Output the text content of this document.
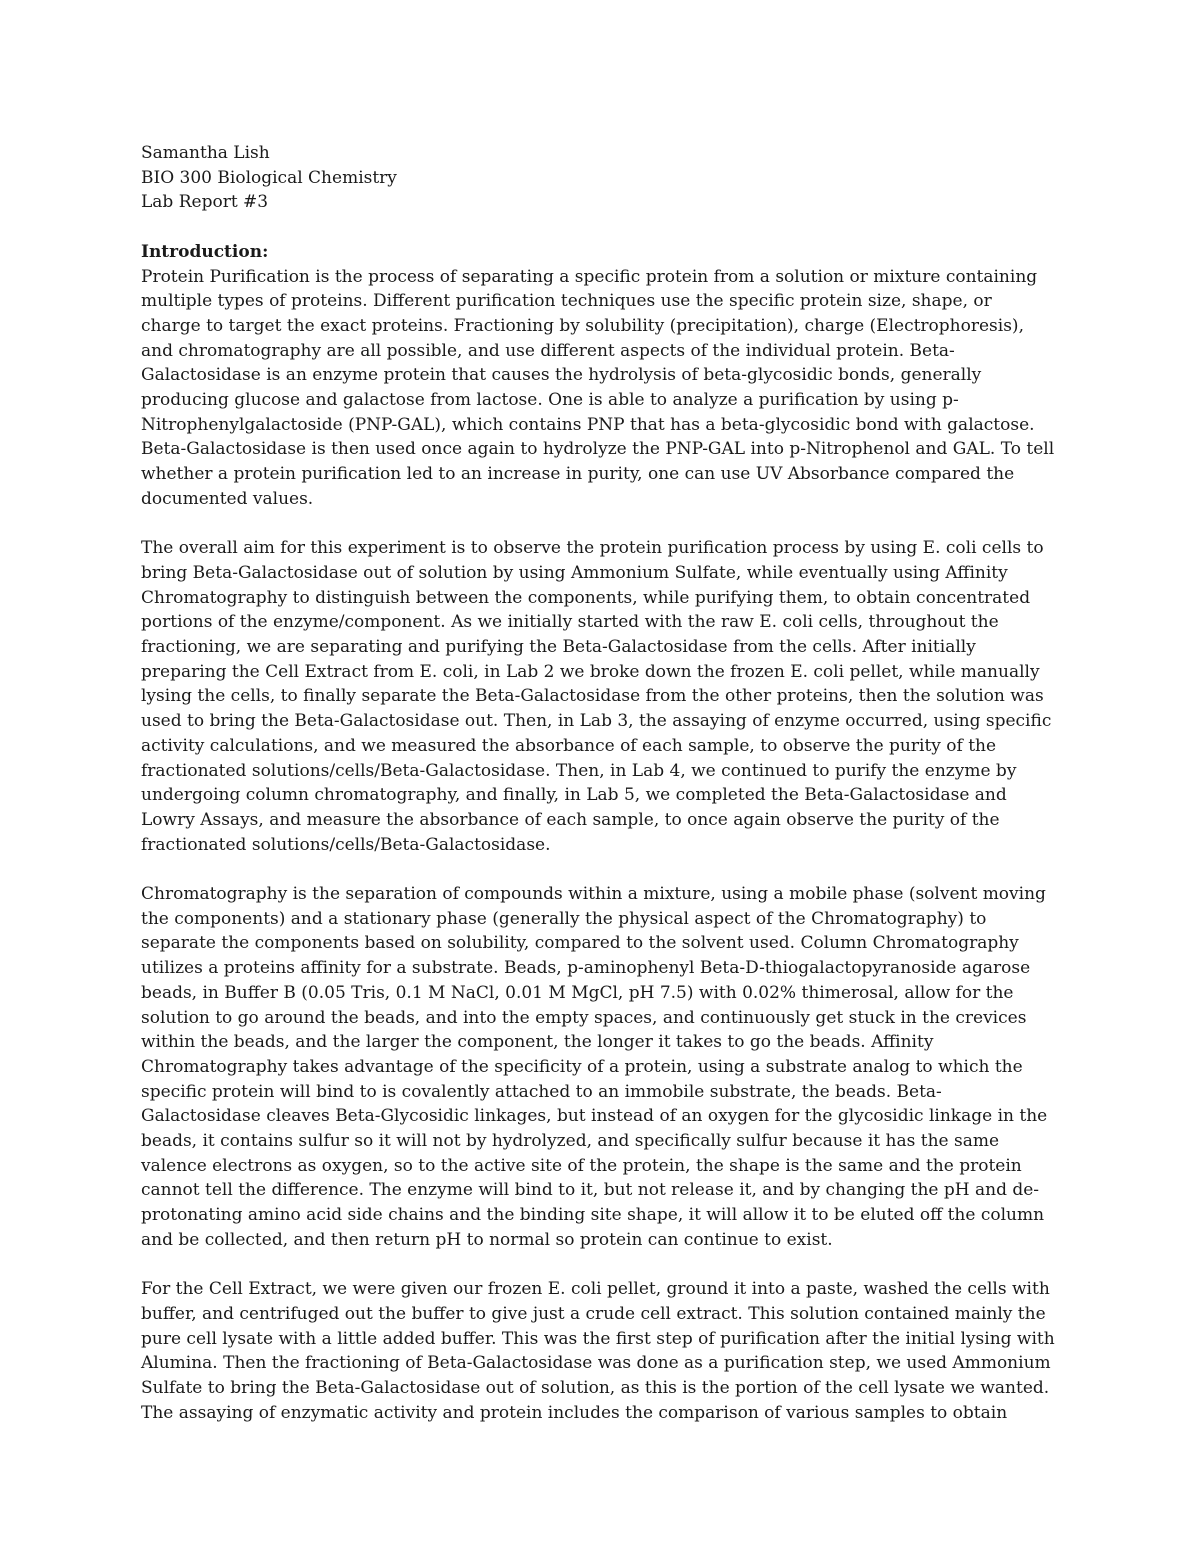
Samantha Lish
BIO 300 Biological Chemistry
Lab Report #3
Introduction:

Protein Purification is the process of separating a specific protein from a solution or mixture containing multiple types of proteins. Different purification techniques use the specific protein size, shape, or charge to target the exact proteins. Fractioning by solubility (precipitation), charge (Electrophoresis), and chromatography are all possible, and use different aspects of the individual protein. Beta-Galactosidase is an enzyme protein that causes the hydrolysis of beta-glycosidic bonds, generally producing glucose and galactose from lactose. One is able to analyze a purification by using p-Nitrophenylgalactoside (PNP-GAL), which contains PNP that has a beta-glycosidic bond with galactose. Beta-Galactosidase is then used once again to hydrolyze the PNP-GAL into p-Nitrophenol and GAL. To tell whether a protein purification led to an increase in purity, one can use UV Absorbance compared the documented values.

The overall aim for this experiment is to observe the protein purification process by using E. coli cells to bring Beta-Galactosidase out of solution by using Ammonium Sulfate, while eventually using Affinity Chromatography to distinguish between the components, while purifying them, to obtain concentrated portions of the enzyme/component. As we initially started with the raw E. coli cells, throughout the fractioning, we are separating and purifying the Beta-Galactosidase from the cells. After initially preparing the Cell Extract from E. coli, in Lab 2 we broke down the frozen E. coli pellet, while manually lysing the cells, to finally separate the Beta-Galactosidase from the other proteins, then the solution was used to bring the Beta-Galactosidase out. Then, in Lab 3, the assaying of enzyme occurred, using specific activity calculations, and we measured the absorbance of each sample, to observe the purity of the fractionated solutions/cells/Beta-Galactosidase. Then, in Lab 4, we continued to purify the enzyme by undergoing column chromatography, and finally, in Lab 5, we completed the Beta-Galactosidase and Lowry Assays, and measure the absorbance of each sample, to once again observe the purity of the fractionated solutions/cells/Beta-Galactosidase.

Chromatography is the separation of compounds within a mixture, using a mobile phase (solvent moving the components) and a stationary phase (generally the physical aspect of the Chromatography) to separate the components based on solubility, compared to the solvent used. Column Chromatography utilizes a proteins affinity for a substrate. Beads, p-aminophenyl Beta-D-thiogalactopyranoside agarose beads, in Buffer B (0.05 Tris, 0.1 M NaCl, 0.01 M MgCl, pH 7.5) with 0.02% thimerosal, allow for the solution to go around the beads, and into the empty spaces, and continuously get stuck in the crevices within the beads, and the larger the component, the longer it takes to go the beads. Affinity Chromatography takes advantage of the specificity of a protein, using a substrate analog to which the specific protein will bind to is covalently attached to an immobile substrate, the beads. Beta-Galactosidase cleaves Beta-Glycosidic linkages, but instead of an oxygen for the glycosidic linkage in the beads, it contains sulfur so it will not by hydrolyzed, and specifically sulfur because it has the same valence electrons as oxygen, so to the active site of the protein, the shape is the same and the protein cannot tell the difference. The enzyme will bind to it, but not release it, and by changing the pH and de-protonating amino acid side chains and the binding site shape, it will allow it to be eluted off the column and be collected, and then return pH to normal so protein can continue to exist.

For the Cell Extract, we were given our frozen E. coli pellet, ground it into a paste, washed the cells with buffer, and centrifuged out the buffer to give just a crude cell extract. This solution contained mainly the pure cell lysate with a little added buffer. This was the first step of purification after the initial lysing with Alumina. Then the fractioning of Beta-Galactosidase was done as a purification step, we used Ammonium Sulfate to bring the Beta-Galactosidase out of solution, as this is the portion of the cell lysate we wanted. The assaying of enzymatic activity and protein includes the comparison of various samples to obtain
